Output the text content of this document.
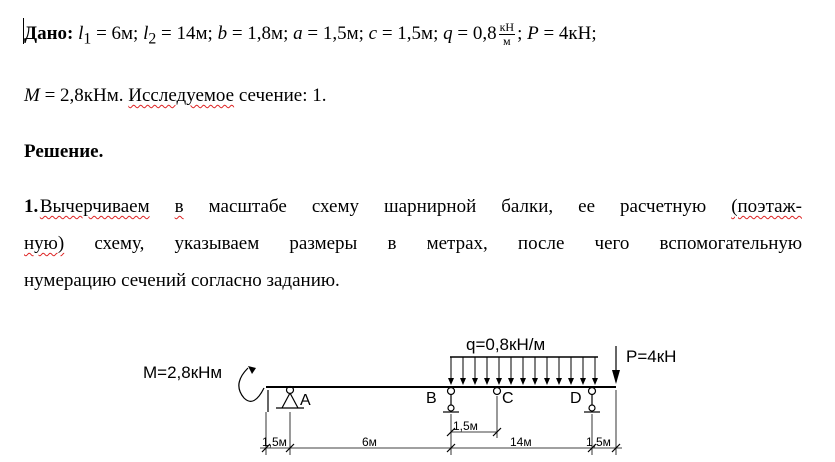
Дано: $l_1 = 6м$; $l_2 = 14м$; b = 1,8м; a = 1,5м; c = 1,5м; $q = 0,8 \frac{кН}{м}$ ; P = 4кН;
M = 2,8кНм. Исследуемое сечение: 1.
Решение.
1. Вычерчиваем в масштабе схему шарнирной балки, ее расчетную (поэтаж-
ную) схему, указываем размеры в метрах, после чего вспомогательную
нумерацию сечений согласно заданию.
M=2,8кНм
q=0,8кН/м
P=4кН
A	B	C	D
1,5м	6м
1,5м
14м	1,5м
